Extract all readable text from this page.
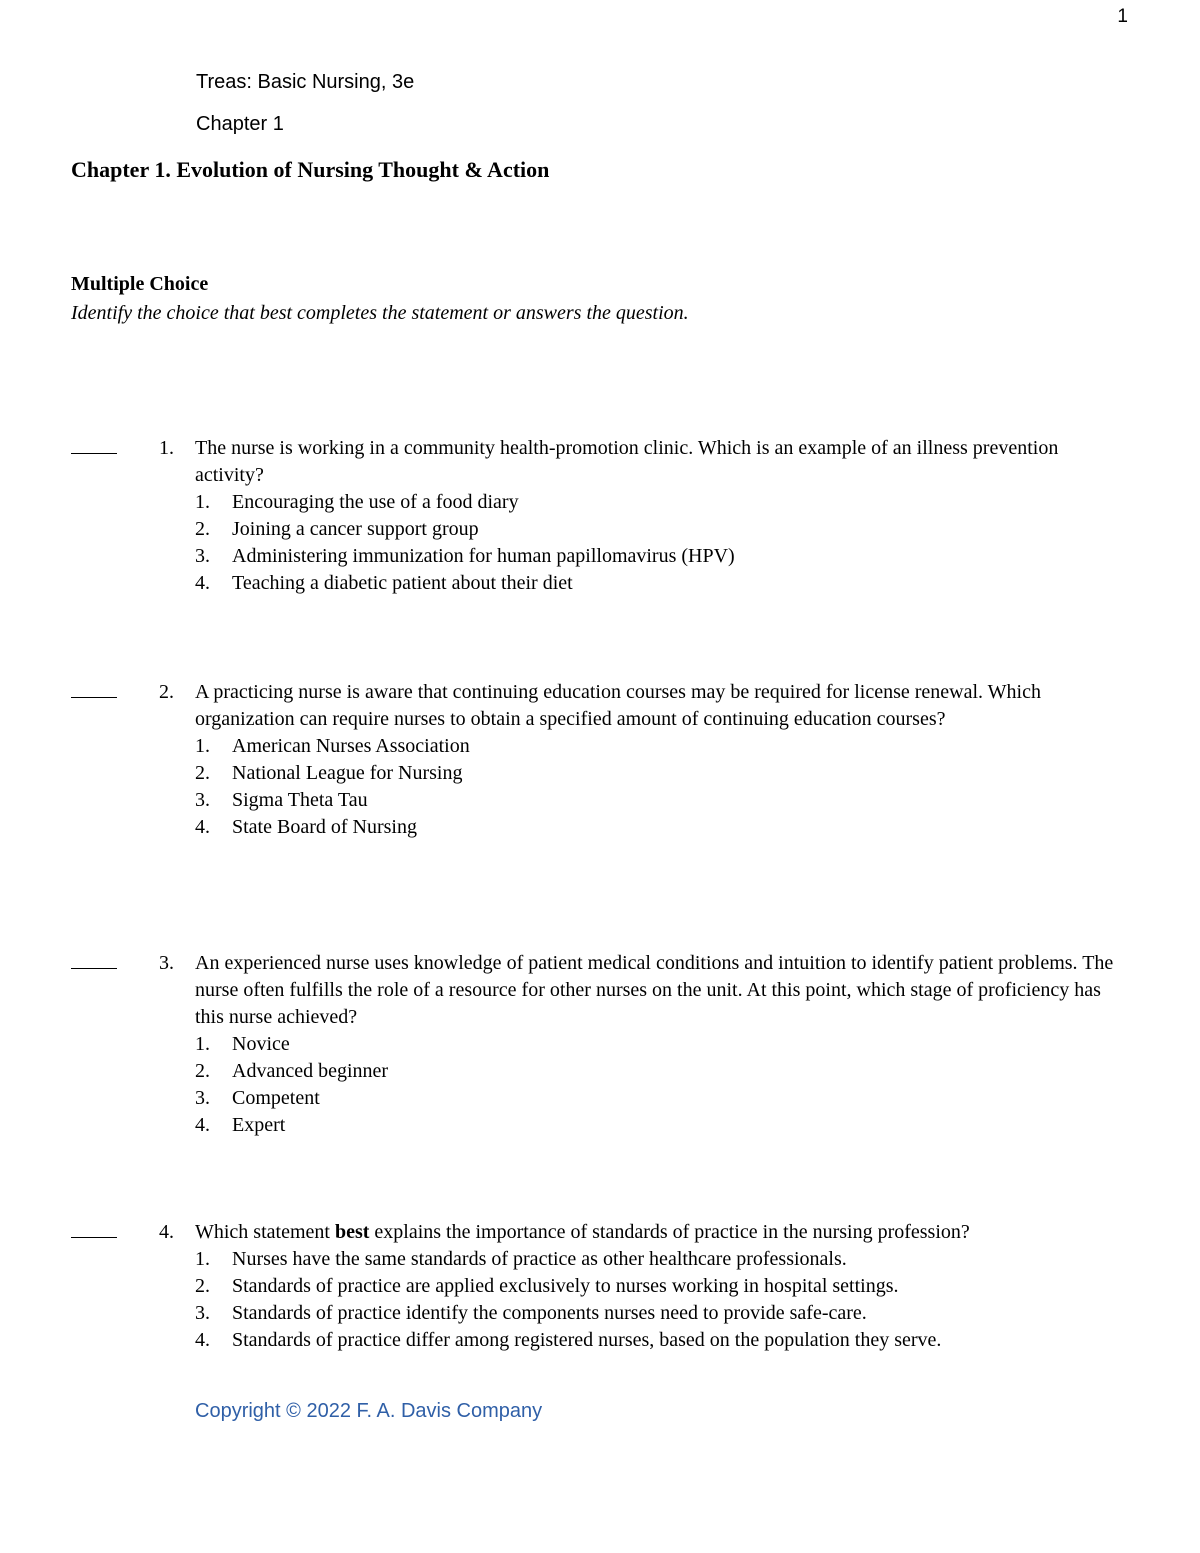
1
Treas: Basic Nursing, 3e
Chapter 1
Chapter 1. Evolution of Nursing Thought & Action
Multiple Choice
Identify the choice that best completes the statement or answers the question.
1. The nurse is working in a community health-promotion clinic. Which is an example of an illness prevention activity?
1. Encouraging the use of a food diary
2. Joining a cancer support group
3. Administering immunization for human papillomavirus (HPV)
4. Teaching a diabetic patient about their diet
2. A practicing nurse is aware that continuing education courses may be required for license renewal. Which organization can require nurses to obtain a specified amount of continuing education courses?
1. American Nurses Association
2. National League for Nursing
3. Sigma Theta Tau
4. State Board of Nursing
3. An experienced nurse uses knowledge of patient medical conditions and intuition to identify patient problems. The nurse often fulfills the role of a resource for other nurses on the unit. At this point, which stage of proficiency has this nurse achieved?
1. Novice
2. Advanced beginner
3. Competent
4. Expert
4. Which statement best explains the importance of standards of practice in the nursing profession?
1. Nurses have the same standards of practice as other healthcare professionals.
2. Standards of practice are applied exclusively to nurses working in hospital settings.
3. Standards of practice identify the components nurses need to provide safe-care.
4. Standards of practice differ among registered nurses, based on the population they serve.
Copyright © 2022 F. A. Davis Company
